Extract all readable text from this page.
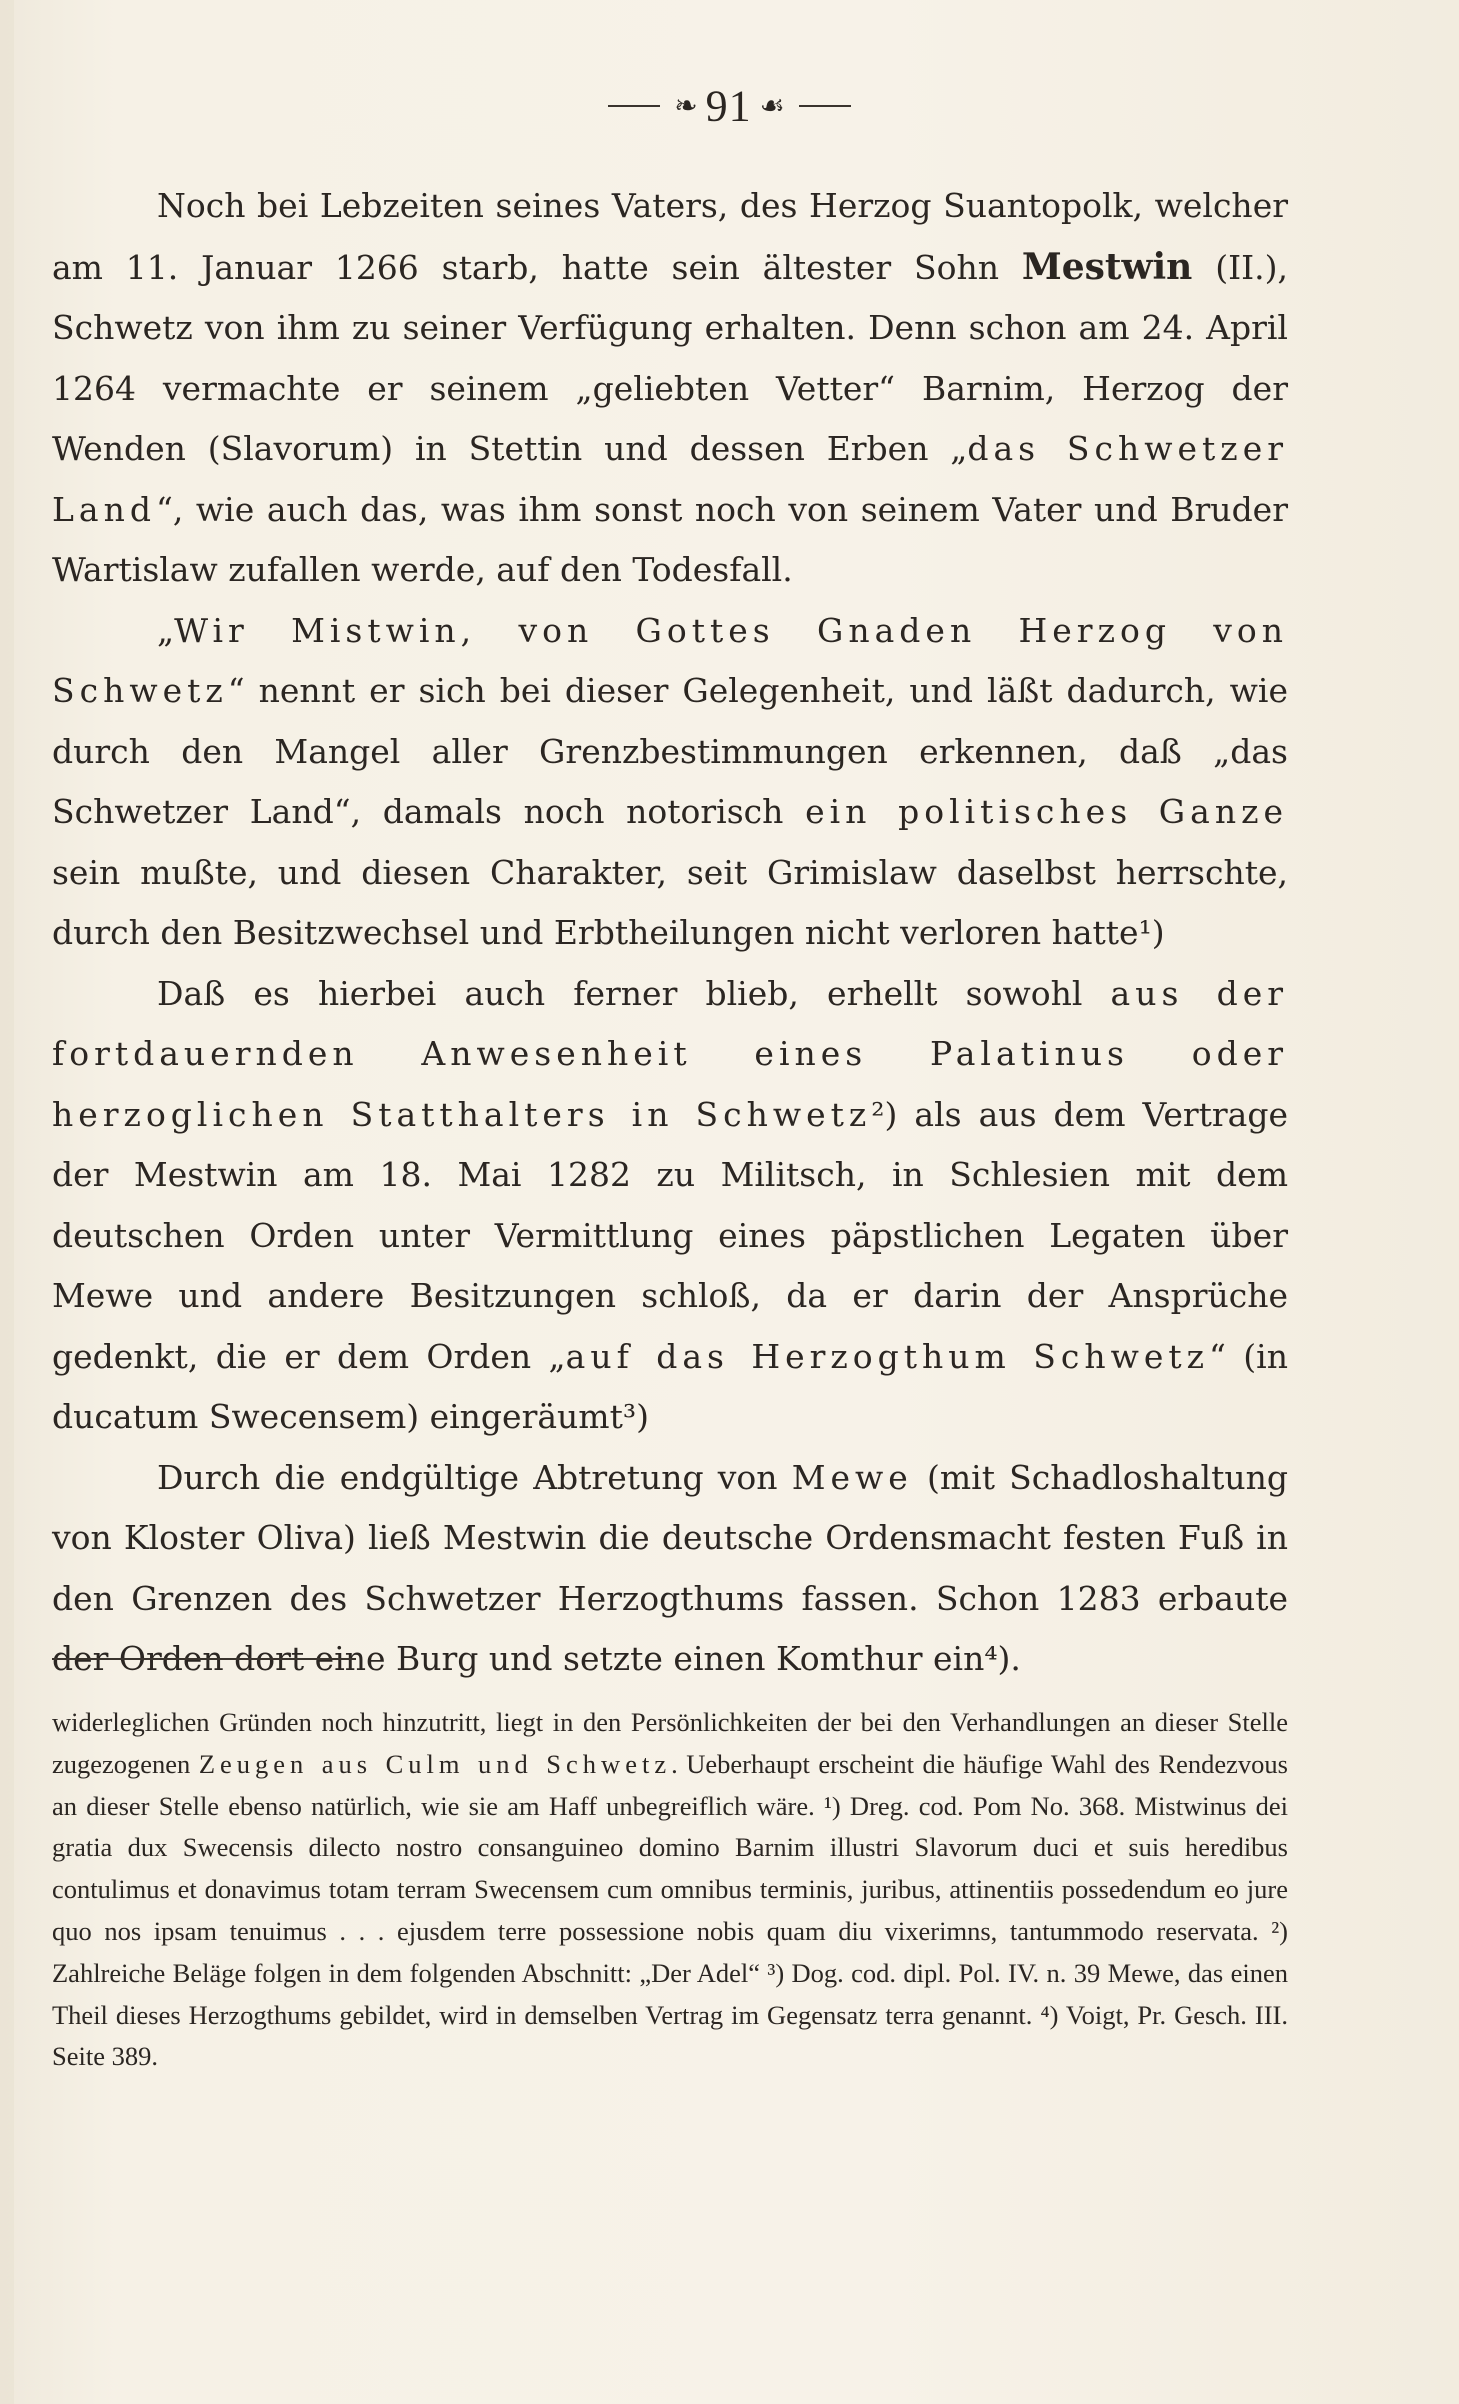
❧ 91 ☙

Noch bei Lebzeiten seines Vaters, des Herzog Suantopolk, welcher am 11. Januar 1266 starb, hatte sein ältester Sohn Mestwin (II.), Schwetz von ihm zu seiner Verfügung erhalten. Denn schon am 24. April 1264 vermachte er seinem „geliebten Vetter“ Barnim, Herzog der Wenden (Slavorum) in Stettin und dessen Erben „das Schwetzer Land“, wie auch das, was ihm sonst noch von seinem Vater und Bruder Wartislaw zufallen werde, auf den Todesfall.

„Wir Mistwin, von Gottes Gnaden Herzog von Schwetz“ nennt er sich bei dieser Gelegenheit, und läßt dadurch, wie durch den Mangel aller Grenzbestimmungen erkennen, daß „das Schwetzer Land“, damals noch notorisch ein politisches Ganze sein mußte, und diesen Charakter, seit Grimislaw daselbst herrschte, durch den Besitzwechsel und Erbtheilungen nicht verloren hatte¹)

Daß es hierbei auch ferner blieb, erhellt sowohl aus der fortdauernden Anwesenheit eines Palatinus oder herzoglichen Statthalters in Schwetz²) als aus dem Vertrage der Mestwin am 18. Mai 1282 zu Militsch, in Schlesien mit dem deutschen Orden unter Vermittlung eines päpstlichen Legaten über Mewe und andere Besitzungen schloß, da er darin der Ansprüche gedenkt, die er dem Orden „auf das Herzogthum Schwetz“ (in ducatum Swecensem) eingeräumt³)

Durch die endgültige Abtretung von Mewe (mit Schadloshaltung von Kloster Oliva) ließ Mestwin die deutsche Ordensmacht festen Fuß in den Grenzen des Schwetzer Herzogthums fassen. Schon 1283 erbaute der Orden dort eine Burg und setzte einen Komthur ein⁴).

widerleglichen Gründen noch hinzutritt, liegt in den Persönlichkeiten der bei den Verhandlungen an dieser Stelle zugezogenen Zeugen aus Culm und Schwetz. Ueberhaupt erscheint die häufige Wahl des Rendezvous an dieser Stelle ebenso natürlich, wie sie am Haff unbegreiflich wäre. ¹) Dreg. cod. Pom No. 368. Mistwinus dei gratia dux Swecensis dilecto nostro consanguineo domino Barnim illustri Slavorum duci et suis heredibus contulimus et donavimus totam terram Swecensem cum omnibus terminis, juribus, attinentiis possedendum eo jure quo nos ipsam tenuimus . . . ejusdem terre possessione nobis quam diu vixerimns, tantummodo reservata. ²) Zahlreiche Beläge folgen in dem folgenden Abschnitt: „Der Adel“ ³) Dog. cod. dipl. Pol. IV. n. 39 Mewe, das einen Theil dieses Herzogthums gebildet, wird in demselben Vertrag im Gegensatz terra genannt. ⁴) Voigt, Pr. Gesch. III. Seite 389.
